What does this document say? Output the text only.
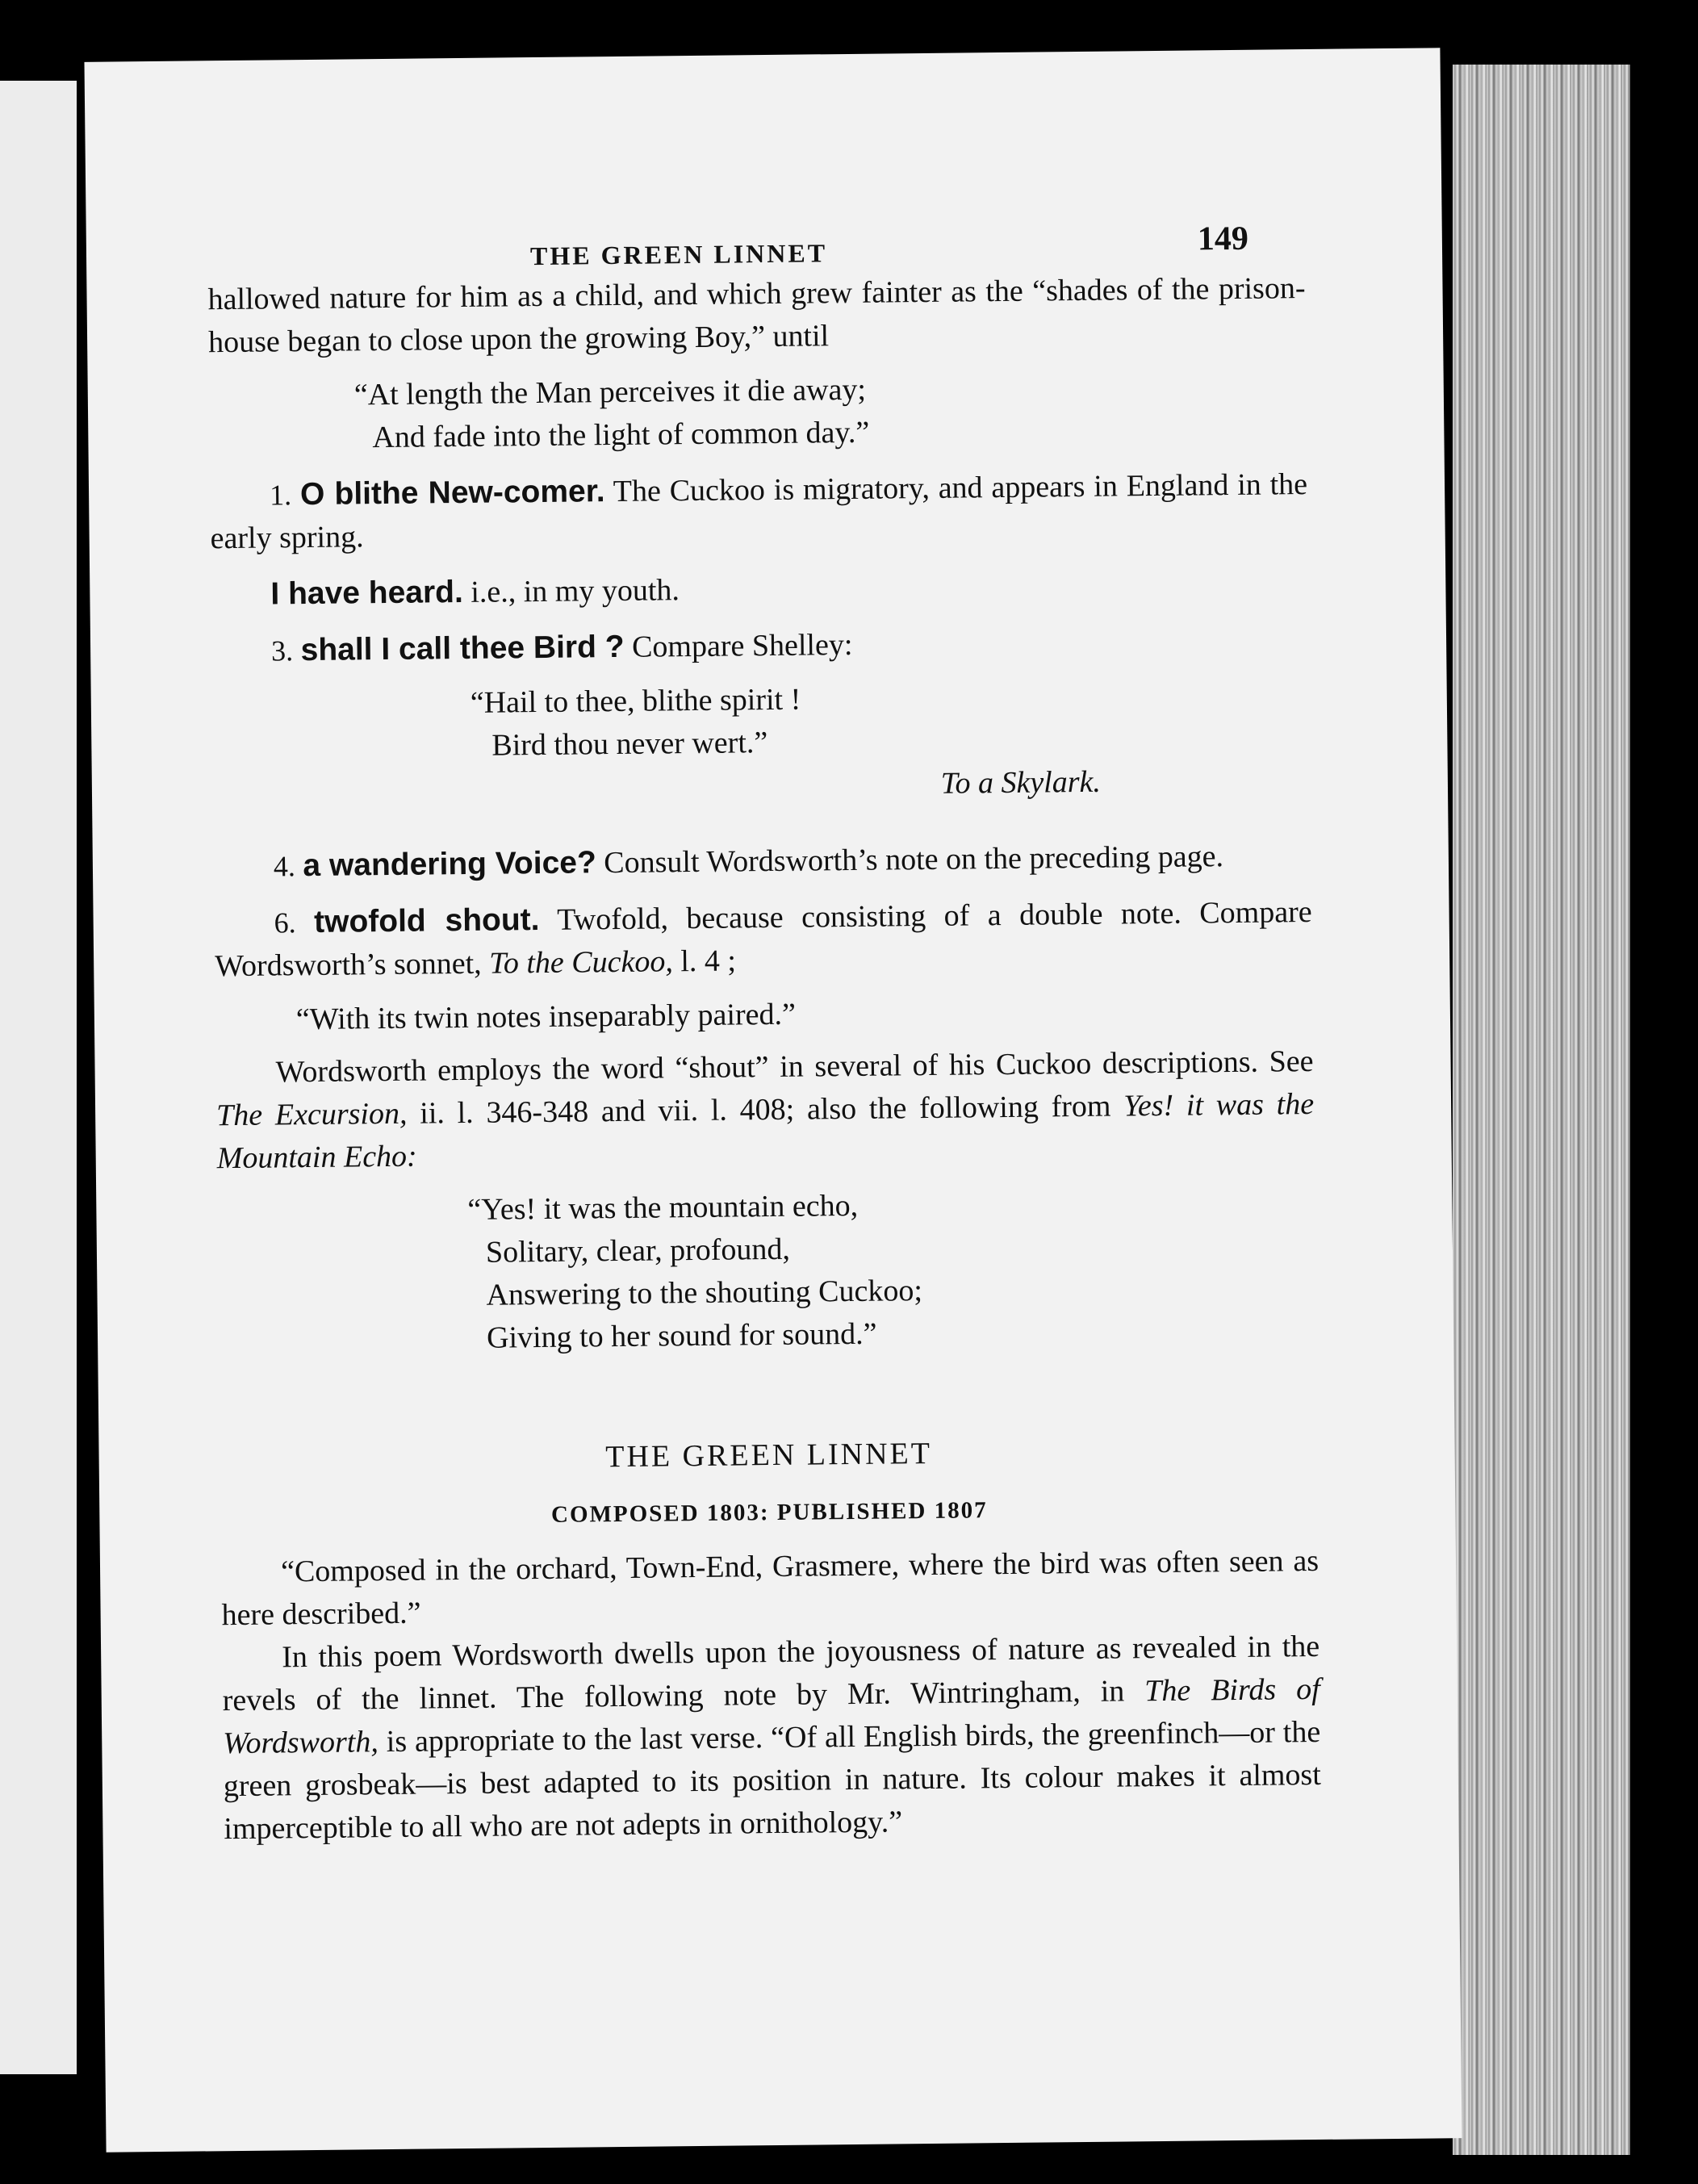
THE GREEN LINNET	149

hallowed nature for him as a child, and which grew fainter as the “shades of the prison-house began to close upon the growing Boy,” until

“At length the Man perceives it die away;
And fade into the light of common day.”

1. O blithe New-comer. The Cuckoo is migratory, and appears in England in the early spring.

I have heard. i.e., in my youth.

3. shall I call thee Bird ? Compare Shelley:

“Hail to thee, blithe spirit !
Bird thou never wert.”
To a Skylark.

4. a wandering Voice? Consult Wordsworth’s note on the preceding page.

6. twofold shout. Twofold, because consisting of a double note. Compare Wordsworth’s sonnet, To the Cuckoo, l. 4 ;

“With its twin notes inseparably paired.”

Wordsworth employs the word “shout” in several of his Cuckoo descriptions. See The Excursion, ii. l. 346-348 and vii. l. 408; also the following from Yes! it was the Mountain Echo:

“Yes! it was the mountain echo,
Solitary, clear, profound,
Answering to the shouting Cuckoo;
Giving to her sound for sound.”
THE GREEN LINNET
COMPOSED 1803: PUBLISHED 1807

“Composed in the orchard, Town-End, Grasmere, where the bird was often seen as here described.”

In this poem Wordsworth dwells upon the joyousness of nature as revealed in the revels of the linnet. The following note by Mr. Wintringham, in The Birds of Wordsworth, is appropriate to the last verse. “Of all English birds, the greenfinch—or the green grosbeak—is best adapted to its position in nature. Its colour makes it almost imperceptible to all who are not adepts in ornithology.”
